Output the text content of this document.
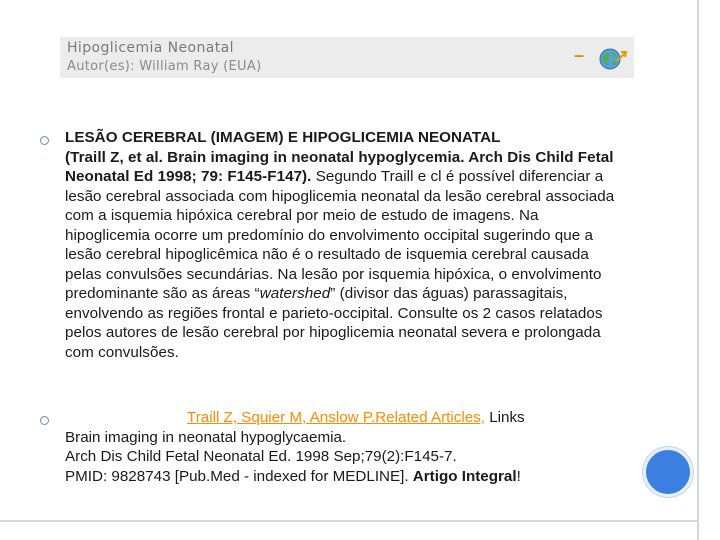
Hipoglicemia Neonatal
Autor(es): William Ray (EUA)
–
LESÃO CEREBRAL (IMAGEM) E HIPOGLICEMIA NEONATAL
(Traill Z, et al. Brain imaging in neonatal hypoglycemia. Arch Dis Child Fetal Neonatal Ed 1998; 79: F145-F147). Segundo Traill e cl é possível diferenciar a lesão cerebral associada com hipoglicemia neonatal da lesão cerebral associada com a isquemia hipóxica cerebral por meio de estudo de imagens. Na hipoglicemia ocorre um predomínio do envolvimento occipital sugerindo que a lesão cerebral hipoglicêmica não é o resultado de isquemia cerebral causada pelas convulsões secundárias. Na lesão por isquemia hipóxica, o envolvimento predominante são as áreas “watershed” (divisor das águas) parassagitais, envolvendo as regiões frontal e parieto-occipital. Consulte os 2 casos relatados pelos autores de lesão cerebral por hipoglicemia neonatal severa e prolongada com convulsões.
Traill Z, Squier M, Anslow P.Related Articles, Links
Brain imaging in neonatal hypoglycaemia.
Arch Dis Child Fetal Neonatal Ed. 1998 Sep;79(2):F145-7.
PMID: 9828743 [Pub.Med - indexed for MEDLINE]. Artigo Integral!
